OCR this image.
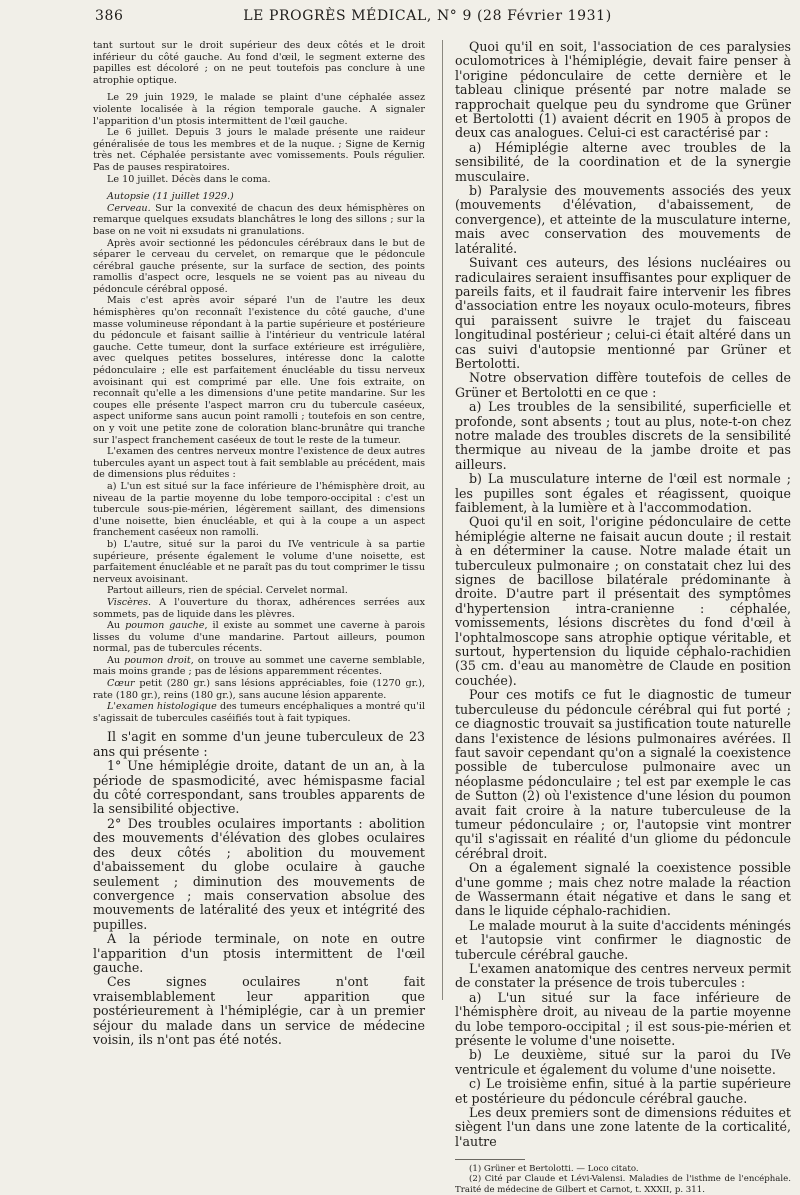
386	LE PROGRÈS MÉDICAL, N° 9 (28 Février 1931)

tant surtout sur le droit supérieur des deux côtés et le droit inférieur du côté gauche. Au fond d'œil, le segment externe des papilles est décoloré ; on ne peut toutefois pas conclure à une atrophie optique.

Le 29 juin 1929, le malade se plaint d'une céphalée assez violente localisée à la région temporale gauche. A signaler l'apparition d'un ptosis intermittent de l'œil gauche.

Le 6 juillet. Depuis 3 jours le malade présente une raideur généralisée de tous les membres et de la nuque. ; Signe de Kernig très net. Céphalée persistante avec vomissements. Pouls régulier. Pas de pauses respiratoires.

Le 10 juillet. Décès dans le coma.

Autopsie (11 juillet 1929.)

Cerveau. Sur la convexité de chacun des deux hémisphères on remarque quelques exsudats blanchâtres le long des sillons ; sur la base on ne voit ni exsudats ni granulations.

Après avoir sectionné les pédoncules cérébraux dans le but de séparer le cerveau du cervelet, on remarque que le pédoncule cérébral gauche présente, sur la surface de section, des points ramollis d'aspect ocre, lesquels ne se voient pas au niveau du pédoncule cérébral opposé.

Mais c'est après avoir séparé l'un de l'autre les deux hémisphères qu'on reconnaît l'existence du côté gauche, d'une masse volumineuse répondant à la partie supérieure et postérieure du pédoncule et faisant saillie à l'intérieur du ventricule latéral gauche. Cette tumeur, dont la surface extérieure est irrégulière, avec quelques petites bosselures, intéresse donc la calotte pédonculaire ; elle est parfaitement énucléable du tissu nerveux avoisinant qui est comprimé par elle. Une fois extraite, on reconnaît qu'elle a les dimensions d'une petite mandarine. Sur les coupes elle présente l'aspect marron cru du tubercule caséeux, aspect uniforme sans aucun point ramolli ; toutefois en son centre, on y voit une petite zone de coloration blanc-brunâtre qui tranche sur l'aspect franchement caséeux de tout le reste de la tumeur.

L'examen des centres nerveux montre l'existence de deux autres tubercules ayant un aspect tout à fait semblable au précédent, mais de dimensions plus réduites :

a) L'un est situé sur la face inférieure de l'hémisphère droit, au niveau de la partie moyenne du lobe temporo-occipital : c'est un tubercule sous-pie-mérien, légèrement saillant, des dimensions d'une noisette, bien énucléable, et qui à la coupe a un aspect franchement caséeux non ramolli.

b) L'autre, situé sur la paroi du IVe ventricule à sa partie supérieure, présente également le volume d'une noisette, est parfaitement énucléable et ne paraît pas du tout comprimer le tissu nerveux avoisinant.

Partout ailleurs, rien de spécial. Cervelet normal.

Viscères. A l'ouverture du thorax, adhérences serrées aux sommets, pas de liquide dans les plèvres.

Au poumon gauche, il existe au sommet une caverne à parois lisses du volume d'une mandarine. Partout ailleurs, poumon normal, pas de tubercules récents.

Au poumon droit, on trouve au sommet une caverne semblable, mais moins grande ; pas de lésions apparemment récentes.

Cœur petit (280 gr.) sans lésions appréciables, foie (1270 gr.), rate (180 gr.), reins (180 gr.), sans aucune lésion apparente.

L'examen histologique des tumeurs encéphaliques a montré qu'il s'agissait de tubercules caséifiés tout à fait typiques.

Il s'agit en somme d'un jeune tuberculeux de 23 ans qui présente :

1° Une hémiplégie droite, datant de un an, à la période de spasmodicité, avec hémispasme facial du côté correspondant, sans troubles apparents de la sensibilité objective.

2° Des troubles oculaires importants : abolition des mouvements d'élévation des globes oculaires des deux côtés ; abolition du mouvement d'abaissement du globe oculaire à gauche seulement ; diminution des mouvements de convergence ; mais conservation absolue des mouvements de latéralité des yeux et intégrité des pupilles.

A la période terminale, on note en outre l'apparition d'un ptosis intermittent de l'œil gauche.

Ces signes oculaires n'ont fait vraisemblablement leur apparition que postérieurement à l'hémiplégie, car à un premier séjour du malade dans un service de médecine voisin, ils n'ont pas été notés.

Quoi qu'il en soit, l'association de ces paralysies oculomotrices à l'hémiplégie, devait faire penser à l'origine pédonculaire de cette dernière et le tableau clinique présenté par notre malade se rapprochait quelque peu du syndrome que Grüner et Bertolotti (1) avaient décrit en 1905 à propos de deux cas analogues. Celui-ci est caractérisé par :

a) Hémiplégie alterne avec troubles de la sensibilité, de la coordination et de la synergie musculaire.

b) Paralysie des mouvements associés des yeux (mouvements d'élévation, d'abaissement, de convergence), et atteinte de la musculature interne, mais avec conservation des mouvements de latéralité.

Suivant ces auteurs, des lésions nucléaires ou radiculaires seraient insuffisantes pour expliquer de pareils faits, et il faudrait faire intervenir les fibres d'association entre les noyaux oculo-moteurs, fibres qui paraissent suivre le trajet du faisceau longitudinal postérieur ; celui-ci était altéré dans un cas suivi d'autopsie mentionné par Grüner et Bertolotti.

Notre observation diffère toutefois de celles de Grüner et Bertolotti en ce que :

a) Les troubles de la sensibilité, superficielle et profonde, sont absents ; tout au plus, note-t-on chez notre malade des troubles discrets de la sensibilité thermique au niveau de la jambe droite et pas ailleurs.

b) La musculature interne de l'œil est normale ; les pupilles sont égales et réagissent, quoique faiblement, à la lumière et à l'accommodation.

Quoi qu'il en soit, l'origine pédonculaire de cette hémiplégie alterne ne faisait aucun doute ; il restait à en déterminer la cause. Notre malade était un tuberculeux pulmonaire ; on constatait chez lui des signes de bacillose bilatérale prédominante à droite. D'autre part il présentait des symptômes d'hypertension intra-cranienne : céphalée, vomissements, lésions discrètes du fond d'œil à l'ophtalmoscope sans atrophie optique véritable, et surtout, hypertension du liquide céphalo-rachidien (35 cm. d'eau au manomètre de Claude en position couchée).

Pour ces motifs ce fut le diagnostic de tumeur tuberculeuse du pédoncule cérébral qui fut porté ; ce diagnostic trouvait sa justification toute naturelle dans l'existence de lésions pulmonaires avérées. Il faut savoir cependant qu'on a signalé la coexistence possible de tuberculose pulmonaire avec un néoplasme pédonculaire ; tel est par exemple le cas de Sutton (2) où l'existence d'une lésion du poumon avait fait croire à la nature tuberculeuse de la tumeur pédonculaire ; or, l'autopsie vint montrer qu'il s'agissait en réalité d'un gliome du pédoncule cérébral droit.

On a également signalé la coexistence possible d'une gomme ; mais chez notre malade la réaction de Wassermann était négative et dans le sang et dans le liquide céphalo-rachidien.

Le malade mourut à la suite d'accidents méningés et l'autopsie vint confirmer le diagnostic de tubercule cérébral gauche.

L'examen anatomique des centres nerveux permit de constater la présence de trois tubercules :

a) L'un situé sur la face inférieure de l'hémisphère droit, au niveau de la partie moyenne du lobe temporo-occipital ; il est sous-pie-mérien et présente le volume d'une noisette.

b) Le deuxième, situé sur la paroi du IVe ventricule et également du volume d'une noisette.

c) Le troisième enfin, situé à la partie supérieure et postérieure du pédoncule cérébral gauche.

Les deux premiers sont de dimensions réduites et siègent l'un dans une zone latente de la corticalité, l'autre

(1) Grüner et Bertolotti. — Loco citato.

(2) Cité par Claude et Lévi-Valensi. Maladies de l'isthme de l'encéphale. Traité de médecine de Gilbert et Carnot, t. XXXII, p. 311.
